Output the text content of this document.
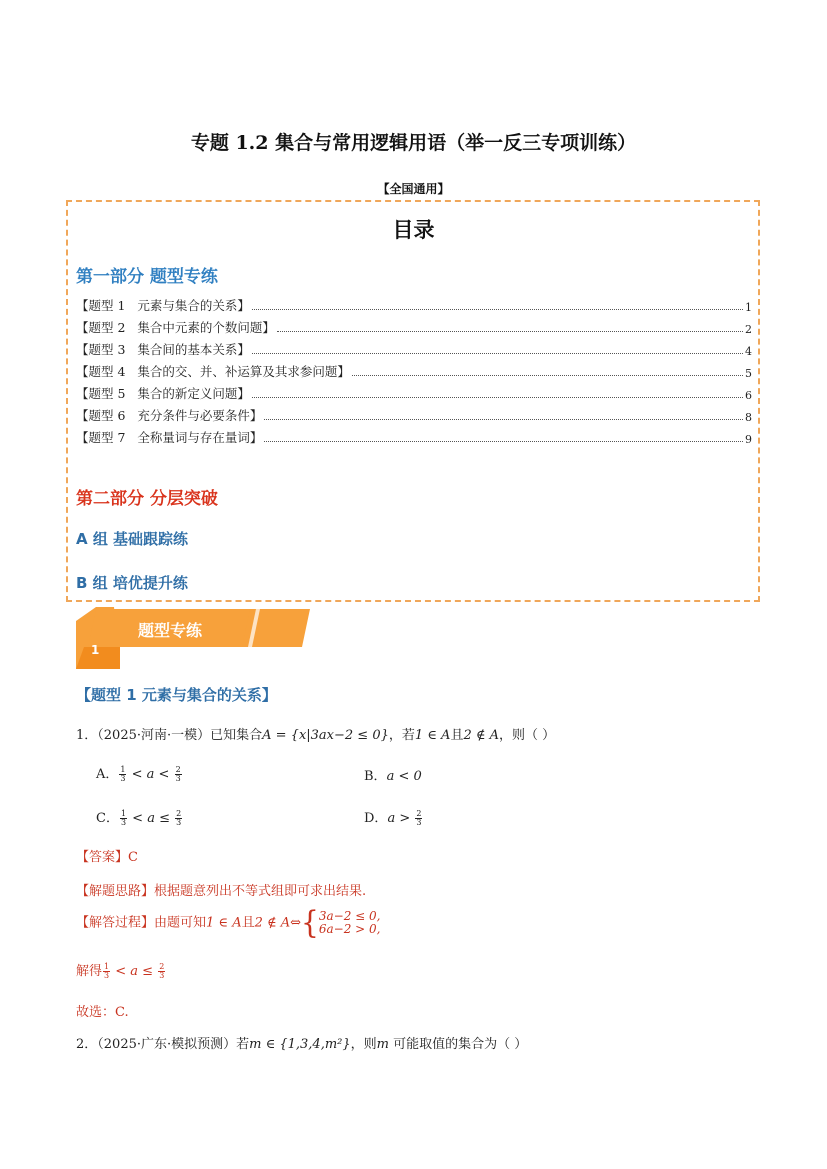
专题 1.2 集合与常用逻辑用语（举一反三专项训练）
【全国通用】
目录
第一部分 题型专练
【题型 1   元素与集合的关系】	1
【题型 2   集合中元素的个数问题】	2
【题型 3   集合间的基本关系】	4
【题型 4   集合的交、并、补运算及其求参问题】	5
【题型 5   集合的新定义问题】	6
【题型 6   充分条件与必要条件】	8
【题型 7   全称量词与存在量词】	9
第二部分 分层突破
A 组 基础跟踪练
B 组 培优提升练
题型专练
1
【题型 1 元素与集合的关系】
1．（2025·河南·一模）已知集合A = {x|3ax−2 ≤ 0}，若1 ∈ A且2 ∉ A，则（ ）
A． $\frac{1}{3} < a < \frac{2}{3}$	B．a < 0
C． $\frac{1}{3} < a \le \frac{2}{3}$	D．$a > \frac{2}{3}$
【答案】C
【解题思路】根据题意列出不等式组即可求出结果.
【解答过程】由题可知1 ∈ A且2 ∉ A⇔{ 3a−2 ≤ 0,
6a−2 > 0,
解得 $\frac{1}{3} < a \le \frac{2}{3}$
故选：C.
2．（2025·广东·模拟预测）若m ∈ {1,3,4,m²}，则m 可能取值的集合为（ ）
